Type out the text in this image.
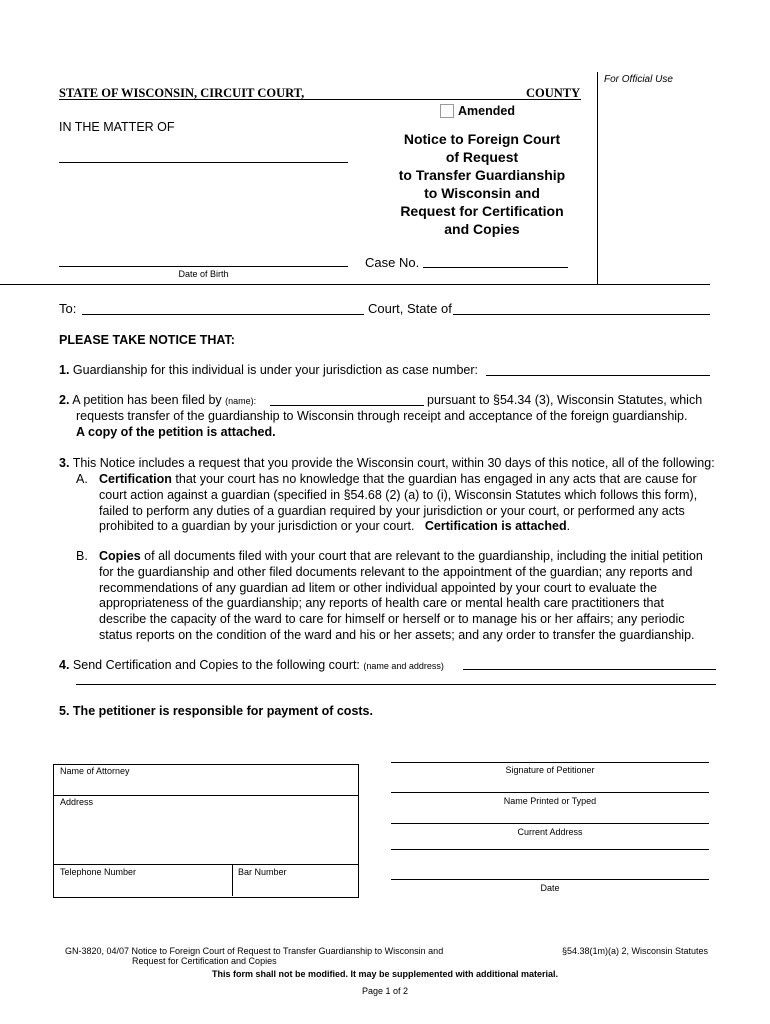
STATE OF WISCONSIN, CIRCUIT COURT,	COUNTY
For Official Use
Amended
IN THE MATTER OF
Notice to Foreign Court
of Request
to Transfer Guardianship
to Wisconsin and
Request for Certification
and Copies
Date of Birth
Case No.
To:	Court, State of
PLEASE TAKE NOTICE THAT:
1. Guardianship for this individual is under your jurisdiction as case number:
2. A petition has been filed by (name):	pursuant to §54.34 (3), Wisconsin Statutes, which
requests transfer of the guardianship to Wisconsin through receipt and acceptance of the foreign guardianship.
A copy of the petition is attached.
3. This Notice includes a request that you provide the Wisconsin court, within 30 days of this notice, all of the following:
A. Certification that your court has no knowledge that the guardian has engaged in any acts that are cause for
court action against a guardian (specified in §54.68 (2) (a) to (i), Wisconsin Statutes which follows this form),
failed to perform any duties of a guardian required by your jurisdiction or your court, or performed any acts
prohibited to a guardian by your jurisdiction or your court. Certification is attached.
B. Copies of all documents filed with your court that are relevant to the guardianship, including the initial petition
for the guardianship and other filed documents relevant to the appointment of the guardian; any reports and
recommendations of any guardian ad litem or other individual appointed by your court to evaluate the
appropriateness of the guardianship; any reports of health care or mental health care practitioners that
describe the capacity of the ward to care for himself or herself or to manage his or her affairs; any periodic
status reports on the condition of the ward and his or her assets; and any order to transfer the guardianship.
4. Send Certification and Copies to the following court: (name and address)
5. The petitioner is responsible for payment of costs.
Name of Attorney
Address
Telephone Number	Bar Number
Signature of Petitioner
Name Printed or Typed
Current Address
Date
GN-3820, 04/07 Notice to Foreign Court of Request to Transfer Guardianship to Wisconsin and
Request for Certification and Copies
§54.38(1m)(a) 2, Wisconsin Statutes
This form shall not be modified. It may be supplemented with additional material.
Page 1 of 2
